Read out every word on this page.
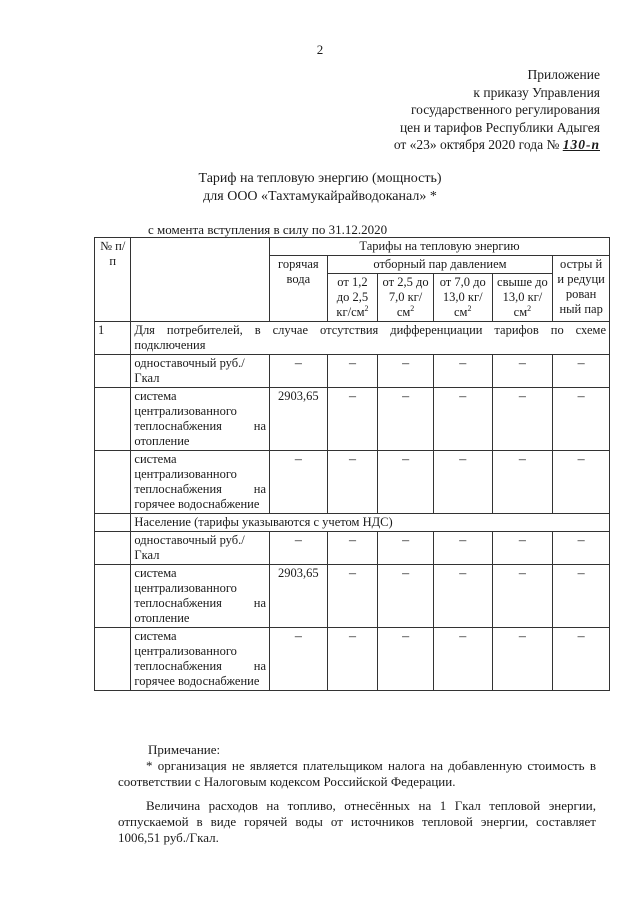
2
Приложение
к приказу Управления
государственного регулирования
цен и тарифов Республики Адыгея
от «23» октября 2020 года № 130-п
Тариф на тепловую энергию (мощность)
для ООО «Тахтамукайрайводоканал» *
с момента вступления в силу по 31.12.2020
№ п/п		Тарифы на тепловую энергию					
		горячая вода	отборный пар давлением				остры й и редуци рован ный пар
			от 1,2 до 2,5 $кг/см^2$	от 2,5 до 7,0 $кг/см^2$	от 7,0 до 13,0 $кг/см^2$	свыше до 13,0 $кг/см^2$
1	Для потребителей, в случае отсутствия дифференциации тарифов по схеме подключения						
	одноставочный руб./Гкал	–	–	–	–	–	–
	система централизованного теплоснабжения на отопление	2903,65	–	–	–	–	–
	система централизованного теплоснабжения на горячее водоснабжение	–	–	–	–	–	–
	Население (тарифы указываются с учетом НДС)						
	одноставочный руб./Гкал	–	–	–	–	–	–
	система централизованного теплоснабжения на отопление	2903,65	–	–	–	–	–
	система централизованного теплоснабжения на горячее водоснабжение	–	–	–	–	–	–
Примечание:
* организация не является плательщиком налога на добавленную стоимость в соответствии с Налоговым кодексом Российской Федерации.
Величина расходов на топливо, отнесённых на 1 Гкал тепловой энергии, отпускаемой в виде горячей воды от источников тепловой энергии, составляет 1006,51 руб./Гкал.
